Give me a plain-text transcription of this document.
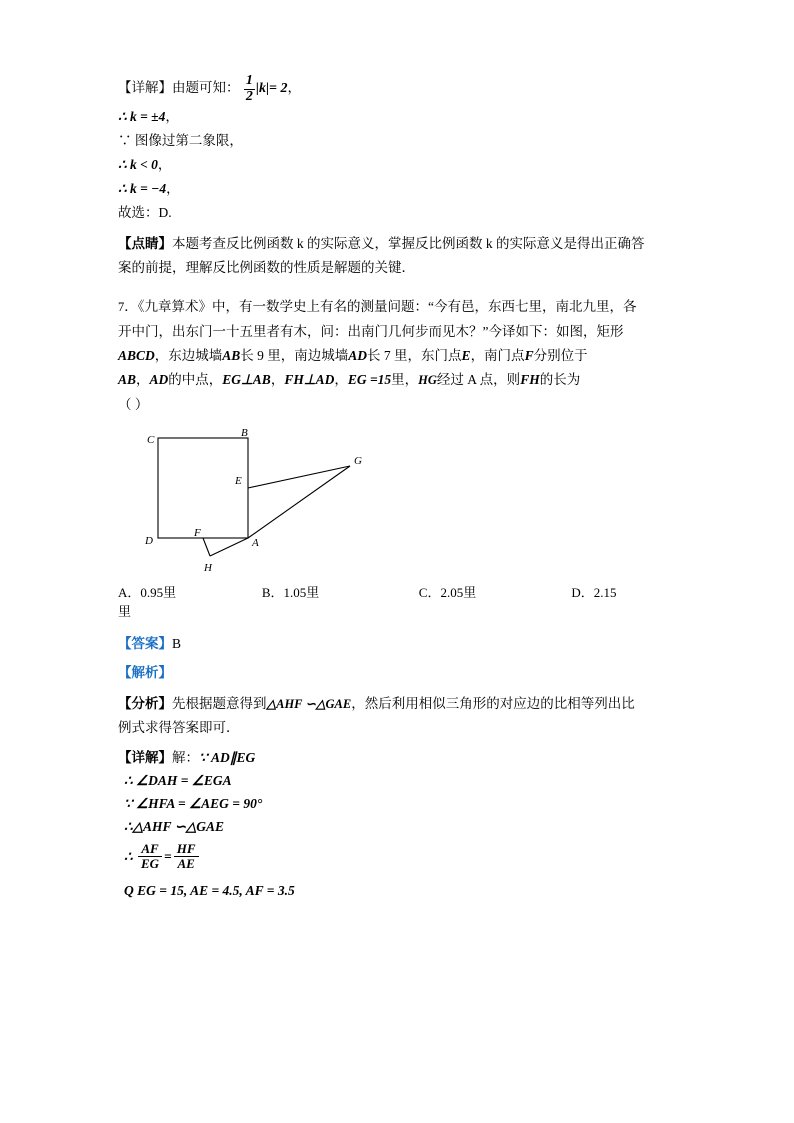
【详解】由题可知： $\frac{1}{2} |k|= 2$，
∴ k = ±4，
∵ 图像过第二象限，
∴ k < 0，
∴ k = −4，
故选：D.
【点睛】本题考查反比例函数 k 的实际意义，掌握反比例函数 k 的实际意义是得出正确答
案的前提，理解反比例函数的性质是解题的关键．
7．《九章算术》中，有一数学史上有名的测量问题：“今有邑，东西七里，南北九里，各
开中门，出东门一十五里者有木，问：出南门几何步而见木？”今译如下：如图，矩形
ABCD，东边城墙AB长 9 里，南边城墙AD长 7 里，东门点E，南门点F分别位于
AB，AD的中点，EG⊥AB，FH⊥AD，EG =15里，HG经过 A 点，则FH的长为
（ ）
C
B
E
G
D
F
A
H
A．0.95里	B．1.05里	C．2.05里	D．2.15
里
【答案】B
【解析】
【分析】先根据题意得到△AHF ∽△GAE，然后利用相似三角形的对应边的比相等列出比
例式求得答案即可．
【详解】解：∵ AD∥EG
∴ ∠DAH = ∠EGA
∵ ∠HFA = ∠AEG = 90°
∴△AHF ∽△GAE
∴ $\frac{AF}{EG} = \frac{HF}{AE}$
Q EG = 15, AE = 4.5, AF = 3.5
